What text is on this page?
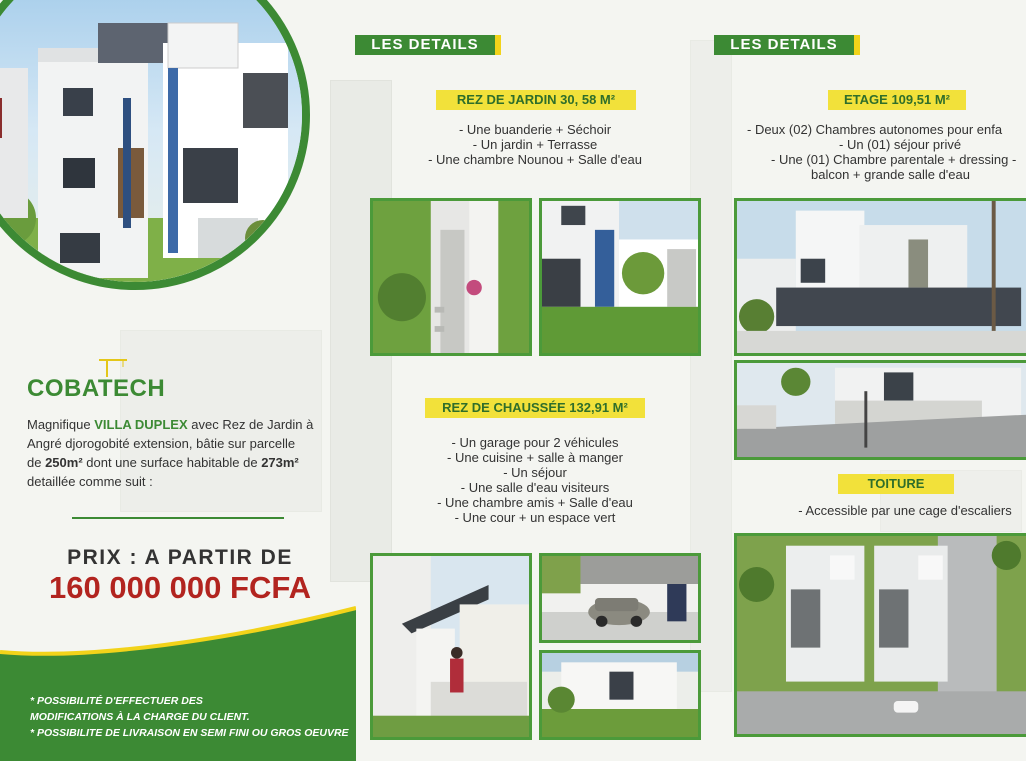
COBATECH
Magnifique VILLA DUPLEX avec Rez de Jardin à
Angré djorogobité extension, bâtie sur parcelle
de 250m² dont une surface habitable de 273m²
detaillée comme suit :
PRIX : A PARTIR DE
160 000 000 FCFA
* POSSIBILITÉ D'EFFECTUER DES
MODIFICATIONS À LA CHARGE DU CLIENT.
* POSSIBILITE DE LIVRAISON EN SEMI FINI OU GROS OEUVRE
LES DETAILS
REZ DE JARDIN 30, 58 M²
- Une buanderie + Séchoir
- Un jardin + Terrasse
- Une chambre Nounou + Salle d'eau
REZ DE CHAUSSÉE 132,91 M²
- Un garage pour 2 véhicules
- Une cuisine + salle à manger
- Un séjour
- Une salle d'eau visiteurs
- Une chambre amis + Salle d'eau
- Une cour + un espace vert
LES DETAILS
ETAGE 109,51 M²
- Deux (02) Chambres autonomes pour enfa
- Un (01) séjour privé
- Une (01) Chambre parentale + dressing -
balcon + grande salle d'eau
TOITURE
- Accessible par une cage d'escaliers
